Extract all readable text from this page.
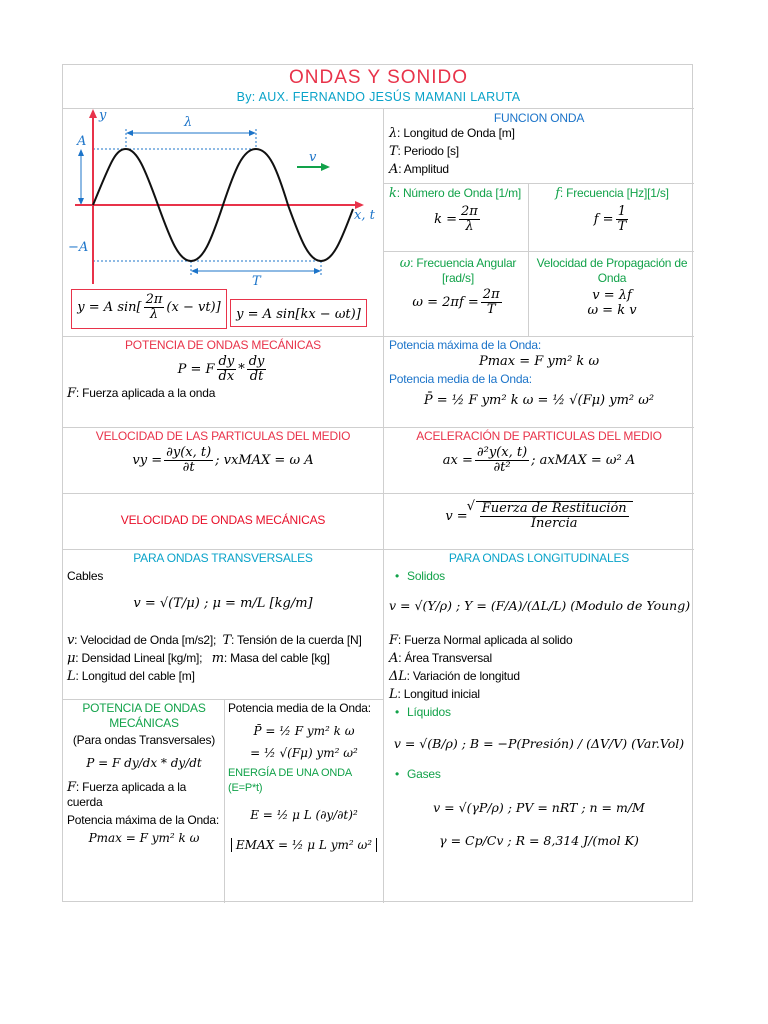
ONDAS Y SONIDO
By: AUX. FERNANDO JESÚS MAMANI LARUTA
y	λ
A
−A
v
x, t
T
y = A $\sin[ \frac{2\pi}{\lambda} (x - vt)]$	y = A sin[kx − ωt)]
FUNCION ONDA
λ: Longitud de Onda [m]
T: Periodo [s]
A: Amplitud
k: Número de Onda [1/m]
$k = \frac{2\pi}{\lambda}$
f: Frecuencia [Hz][1/s]
$f = \frac{1}{T}$
ω: Frecuencia Angular [rad/s]
$\omega = 2\pi f = \frac{2\pi}{T}$
Velocidad de Propagación de Onda
v = λf
ω = k v
POTENCIA DE ONDAS MECÁNICAS
P = F $\frac{dy}{dx} * \frac{dy}{dt}$
F: Fuerza aplicada a la onda
Potencia máxima de la Onda:
Pmax = F ym² k ω
Potencia media de la Onda:
P̄ = ½ F ym² k ω = ½ √(Fμ) ym² ω²
VELOCIDAD DE LAS PARTICULAS DEL MEDIO
vy = $\frac{\partial y(x, t)}{\partial t}$ ; vxMAX = ω A
ACELERACIÓN DE PARTICULAS DEL MEDIO
ax = $\frac{\text{∂²y(x, t)}}{\text{∂t²}}$ ; axMAX = ω² A
VELOCIDAD DE ONDAS MECÁNICAS	v =
√ $\frac{\text{Fuerza de Restitución}}{\text{Inercia}}$
PARA ONDAS TRANSVERSALES
Cables
v = √(T/μ) ; μ = m/L [kg/m]
v: Velocidad de Onda [m/s2]; T: Tensión de la cuerda [N]
μ: Densidad Lineal [kg/m]; m: Masa del cable [kg]
L: Longitud del cable [m]
PARA ONDAS LONGITUDINALES
• Solidos
v = √(Y/ρ) ; Y = (F/A)/(ΔL/L) (Modulo de Young)
F: Fuerza Normal aplicada al solido
A: Área Transversal
ΔL: Variación de longitud
L: Longitud inicial
• Líquidos
v = √(B/ρ) ; B = −P(Presión) / (ΔV/V) (Var.Vol)
• Gases
v = √(γP/ρ) ; PV = nRT ; n = m/M
γ = Cp/Cv ; R = 8,314 J/(mol K)
POTENCIA DE ONDAS MECÁNICAS
(Para ondas Transversales)
P = F dy/dx * dy/dt
F: Fuerza aplicada a la cuerda
Potencia máxima de la Onda:
Pmax = F ym² k ω
Potencia media de la Onda:
P̄ = ½ F ym² k ω
= ½ √(Fμ) ym² ω²
ENERGÍA DE UNA ONDA (E=P*t)
E = ½ μ L (∂y/∂t)²
EMAX = ½ μ L ym² ω²
